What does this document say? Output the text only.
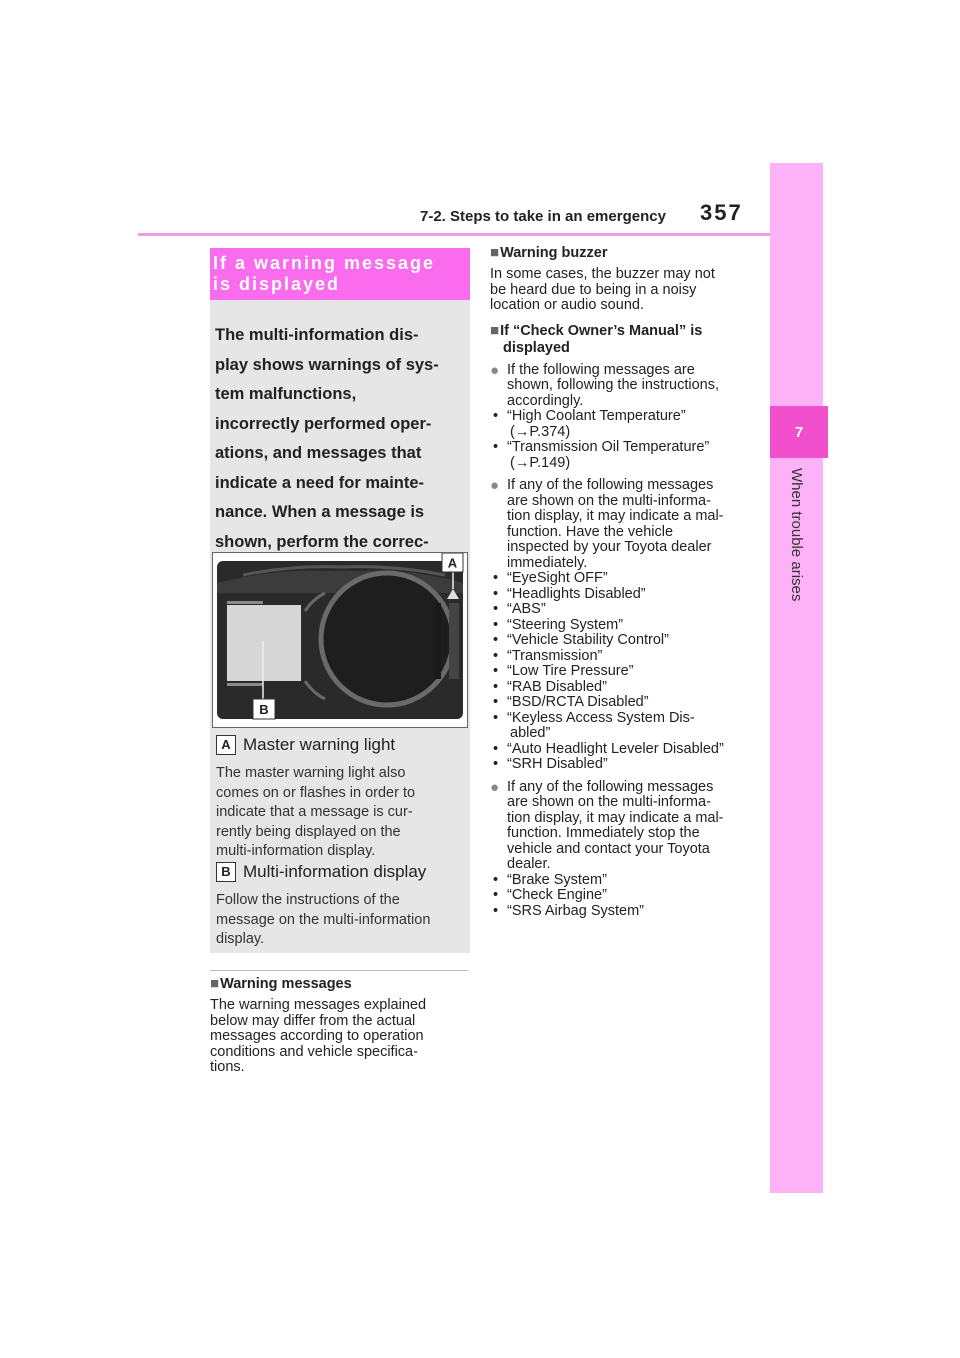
7-2. Steps to take in an emergency 357
7
When trouble arises
If a warning message
is displayed
The multi-information dis-
play shows warnings of sys-
tem malfunctions,
incorrectly performed oper-
ations, and messages that
indicate a need for mainte-
nance. When a message is
shown, perform the correc-
A
B
A Master warning light
The master warning light also
comes on or flashes in order to
indicate that a message is cur-
rently being displayed on the
multi-information display.
B Multi-information display
Follow the instructions of the
message on the multi-information
display.
■Warning messages
The warning messages explained
below may differ from the actual
messages according to operation
conditions and vehicle specifica-
tions.
■Warning buzzer
In some cases, the buzzer may not
be heard due to being in a noisy
location or audio sound.
■If “Check Owner’s Manual” is
displayed
● If the following messages are
shown, following the instructions,
accordingly.
• “High Coolant Temperature”
(→P.374)
• “Transmission Oil Temperature”
(→P.149)
● If any of the following messages
are shown on the multi-informa-
tion display, it may indicate a mal-
function. Have the vehicle
inspected by your Toyota dealer
immediately.
• “EyeSight OFF”
• “Headlights Disabled”
• “ABS”
• “Steering System”
• “Vehicle Stability Control”
• “Transmission”
• “Low Tire Pressure”
• “RAB Disabled”
• “BSD/RCTA Disabled”
• “Keyless Access System Dis-
abled”
• “Auto Headlight Leveler Disabled”
• “SRH Disabled”
● If any of the following messages
are shown on the multi-informa-
tion display, it may indicate a mal-
function. Immediately stop the
vehicle and contact your Toyota
dealer.
• “Brake System”
• “Check Engine”
• “SRS Airbag System”
